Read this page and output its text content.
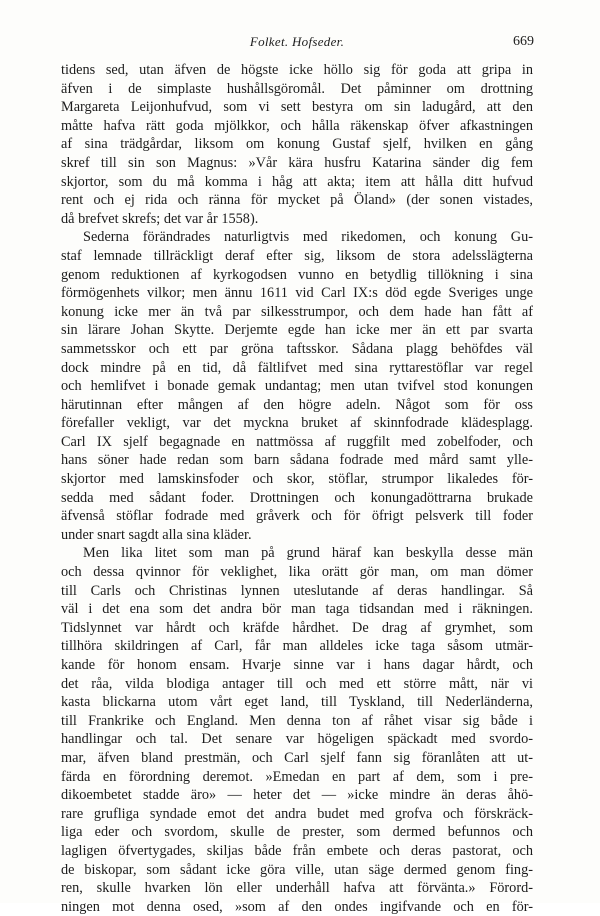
Folket. Hofseder.	669
tidens sed, utan äfven de högste icke höllo sig för goda att gripa in
äfven i de simplaste hushållsgöromål. Det påminner om drottning
Margareta Leijonhufvud, som vi sett bestyra om sin ladugård, att den
måtte hafva rätt goda mjölkkor, och hålla räkenskap öfver afkastningen
af sina trädgårdar, liksom om konung Gustaf sjelf, hvilken en gång
skref till sin son Magnus: »Vår kära husfru Katarina sänder dig fem
skjortor, som du må komma i håg att akta; item att hålla ditt hufvud
rent och ej rida och ränna för mycket på Öland» (der sonen vistades,
då brefvet skrefs; det var år 1558).
Sederna förändrades naturligtvis med rikedomen, och konung Gu-
staf lemnade tillräckligt deraf efter sig, liksom de stora adelsslägterna
genom reduktionen af kyrkogodsen vunno en betydlig tillökning i sina
förmögenhets vilkor; men ännu 1611 vid Carl IX:s död egde Sveriges unge
konung icke mer än två par silkesstrumpor, och dem hade han fått af
sin lärare Johan Skytte. Derjemte egde han icke mer än ett par svarta
sammetsskor och ett par gröna taftsskor. Sådana plagg behöfdes väl
dock mindre på en tid, då fältlifvet med sina ryttarestöflar var regel
och hemlifvet i bonade gemak undantag; men utan tvifvel stod konungen
härutinnan efter mången af den högre adeln. Något som för oss
förefaller vekligt, var det myckna bruket af skinnfodrade klädesplagg.
Carl IX sjelf begagnade en nattmössa af ruggfilt med zobelfoder, och
hans söner hade redan som barn sådana fodrade med mård samt ylle-
skjortor med lamskinsfoder och skor, stöflar, strumpor likaledes för-
sedda med sådant foder. Drottningen och konungadöttrarna brukade
äfvenså stöflar fodrade med gråverk och för öfrigt pelsverk till foder
under snart sagdt alla sina kläder.
Men lika litet som man på grund häraf kan beskylla desse män
och dessa qvinnor för veklighet, lika orätt gör man, om man dömer
till Carls och Christinas lynnen uteslutande af deras handlingar. Så
väl i det ena som det andra bör man taga tidsandan med i räkningen.
Tidslynnet var hårdt och kräfde hårdhet. De drag af grymhet, som
tillhöra skildringen af Carl, får man alldeles icke taga såsom utmär-
kande för honom ensam. Hvarje sinne var i hans dagar hårdt, och
det råa, vilda blodiga antager till och med ett större mått, när vi
kasta blickarna utom vårt eget land, till Tyskland, till Nederländerna,
till Frankrike och England. Men denna ton af råhet visar sig både i
handlingar och tal. Det senare var högeligen späckadt med svordo-
mar, äfven bland prestmän, och Carl sjelf fann sig föranlåten att ut-
färda en förordning deremot. »Emedan en part af dem, som i pre-
dikoembetet stadde äro» — heter det — »icke mindre än deras åhö-
rare grufliga syndade emot det andra budet med grofva och förskräck-
liga eder och svordom, skulle de prester, som dermed befunnos och
lagligen öfvertygades, skiljas både från embete och deras pastorat, och
de biskopar, som sådant icke göra ville, utan säge dermed genom fing-
ren, skulle hvarken lön eller underhåll hafva att förvänta.» Förord-
ningen mot denna osed, »som af den ondes ingifvande och en för-
